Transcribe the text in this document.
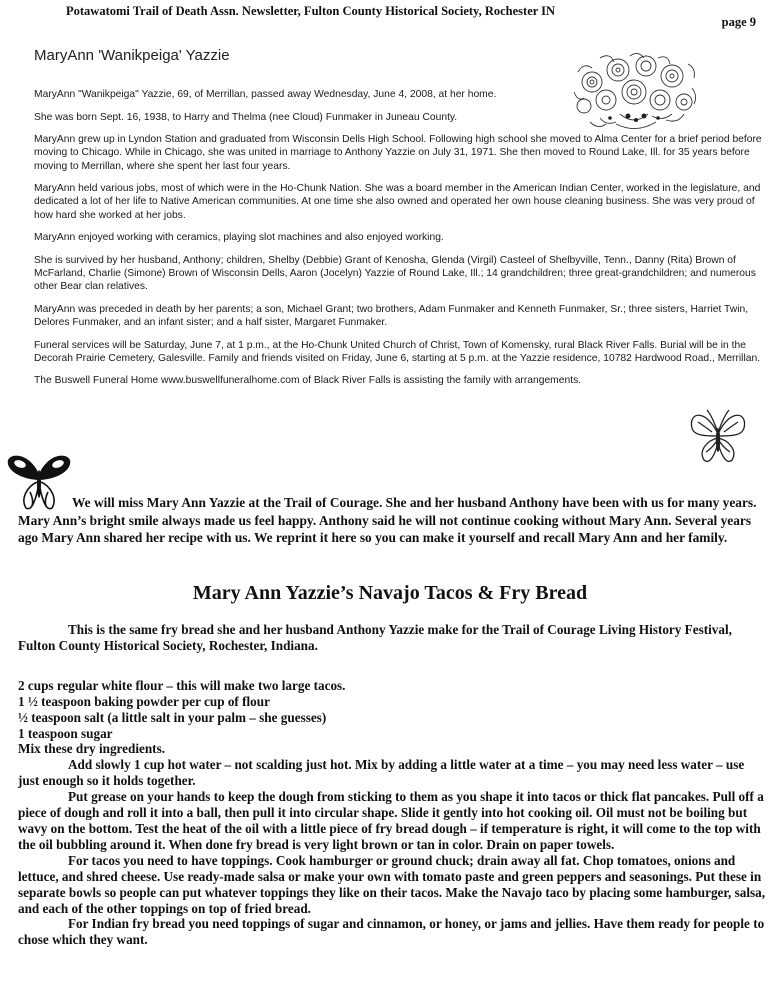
Potawatomi Trail of Death Assn. Newsletter, Fulton County Historical Society, Rochester IN
page 9
MaryAnn 'Wanikpeiga' Yazzie

MaryAnn "Wanikpeiga" Yazzie, 69, of Merrillan, passed away Wednesday, June 4, 2008, at her home.

She was born Sept. 16, 1938, to Harry and Thelma (nee Cloud) Funmaker in Juneau County.

MaryAnn grew up in Lyndon Station and graduated from Wisconsin Dells High School. Following high school she moved to Alma Center for a brief period before moving to Chicago. While in Chicago, she was united in marriage to Anthony Yazzie on July 31, 1971. She then moved to Round Lake, Ill. for 35 years before moving to Merrillan, where she spent her last four years.

MaryAnn held various jobs, most of which were in the Ho-Chunk Nation. She was a board member in the American Indian Center, worked in the legislature, and dedicated a lot of her life to Native American communities. At one time she also owned and operated her own house cleaning business. She was very proud of how hard she worked at her jobs.

MaryAnn enjoyed working with ceramics, playing slot machines and also enjoyed working.

She is survived by her husband, Anthony; children, Shelby (Debbie) Grant of Kenosha, Glenda (Virgil) Casteel of Shelbyville, Tenn., Danny (Rita) Brown of McFarland, Charlie (Simone) Brown of Wisconsin Dells, Aaron (Jocelyn) Yazzie of Round Lake, Ill.; 14 grandchildren; three great-grandchildren; and numerous other Bear clan relatives.

MaryAnn was preceded in death by her parents; a son, Michael Grant; two brothers, Adam Funmaker and Kenneth Funmaker, Sr.; three sisters, Harriet Twin, Delores Funmaker, and an infant sister; and a half sister, Margaret Funmaker.

Funeral services will be Saturday, June 7, at 1 p.m., at the Ho-Chunk United Church of Christ, Town of Komensky, rural Black River Falls. Burial will be in the Decorah Prairie Cemetery, Galesville. Family and friends visited on Friday, June 6, starting at 5 p.m. at the Yazzie residence, 10782 Hardwood Road., Merrillan.

The Buswell Funeral Home www.buswellfuneralhome.com of Black River Falls is assisting the family with arrangements.

We will miss Mary Ann Yazzie at the Trail of Courage. She and her husband Anthony have been with us for many years. Mary Ann’s bright smile always made us feel happy. Anthony said he will not continue cooking without Mary Ann. Several years ago Mary Ann shared her recipe with us. We reprint it here so you can make it yourself and recall Mary Ann and her family.

Mary Ann Yazzie’s Navajo Tacos & Fry Bread

This is the same fry bread she and her husband Anthony Yazzie make for the Trail of Courage Living History Festival, Fulton County Historical Society, Rochester, Indiana.

2 cups regular white flour – this will make two large tacos.

1 ½ teaspoon baking powder per cup of flour

½ teaspoon salt (a little salt in your palm – she guesses)

1 teaspoon sugar

Mix these dry ingredients.

Add slowly 1 cup hot water – not scalding just hot. Mix by adding a little water at a time – you may need less water – use just enough so it holds together.

Put grease on your hands to keep the dough from sticking to them as you shape it into tacos or thick flat pancakes. Pull off a piece of dough and roll it into a ball, then pull it into circular shape. Slide it gently into hot cooking oil. Oil must not be boiling but wavy on the bottom. Test the heat of the oil with a little piece of fry bread dough – if temperature is right, it will come to the top with the oil bubbling around it. When done fry bread is very light brown or tan in color. Drain on paper towels.

For tacos you need to have toppings. Cook hamburger or ground chuck; drain away all fat. Chop tomatoes, onions and lettuce, and shred cheese. Use ready-made salsa or make your own with tomato paste and green peppers and seasonings. Put these in separate bowls so people can put whatever toppings they like on their tacos. Make the Navajo taco by placing some hamburger, salsa, and each of the other toppings on top of fried bread.

For Indian fry bread you need toppings of sugar and cinnamon, or honey, or jams and jellies. Have them ready for people to chose which they want.
